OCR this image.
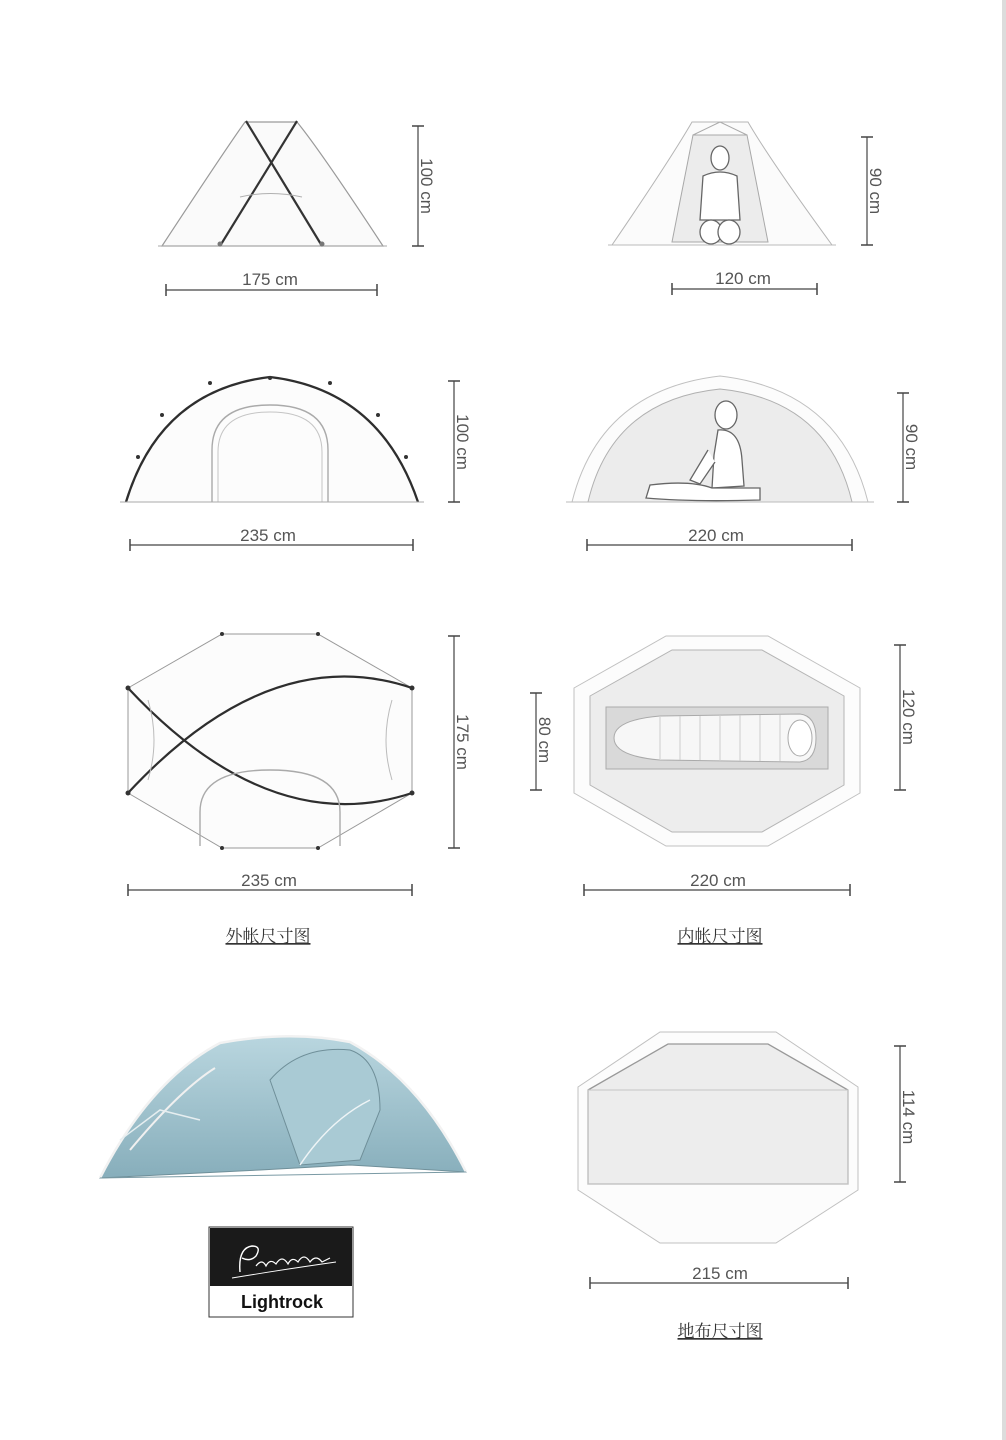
175 cm
100 cm
120 cm
90 cm
235 cm
100 cm
220 cm
90 cm
235 cm
175 cm	80 cm
220 cm
120 cm
外帐尺寸图	内帐尺寸图
215 cm
114 cm
地布尺寸图
Lightrock
